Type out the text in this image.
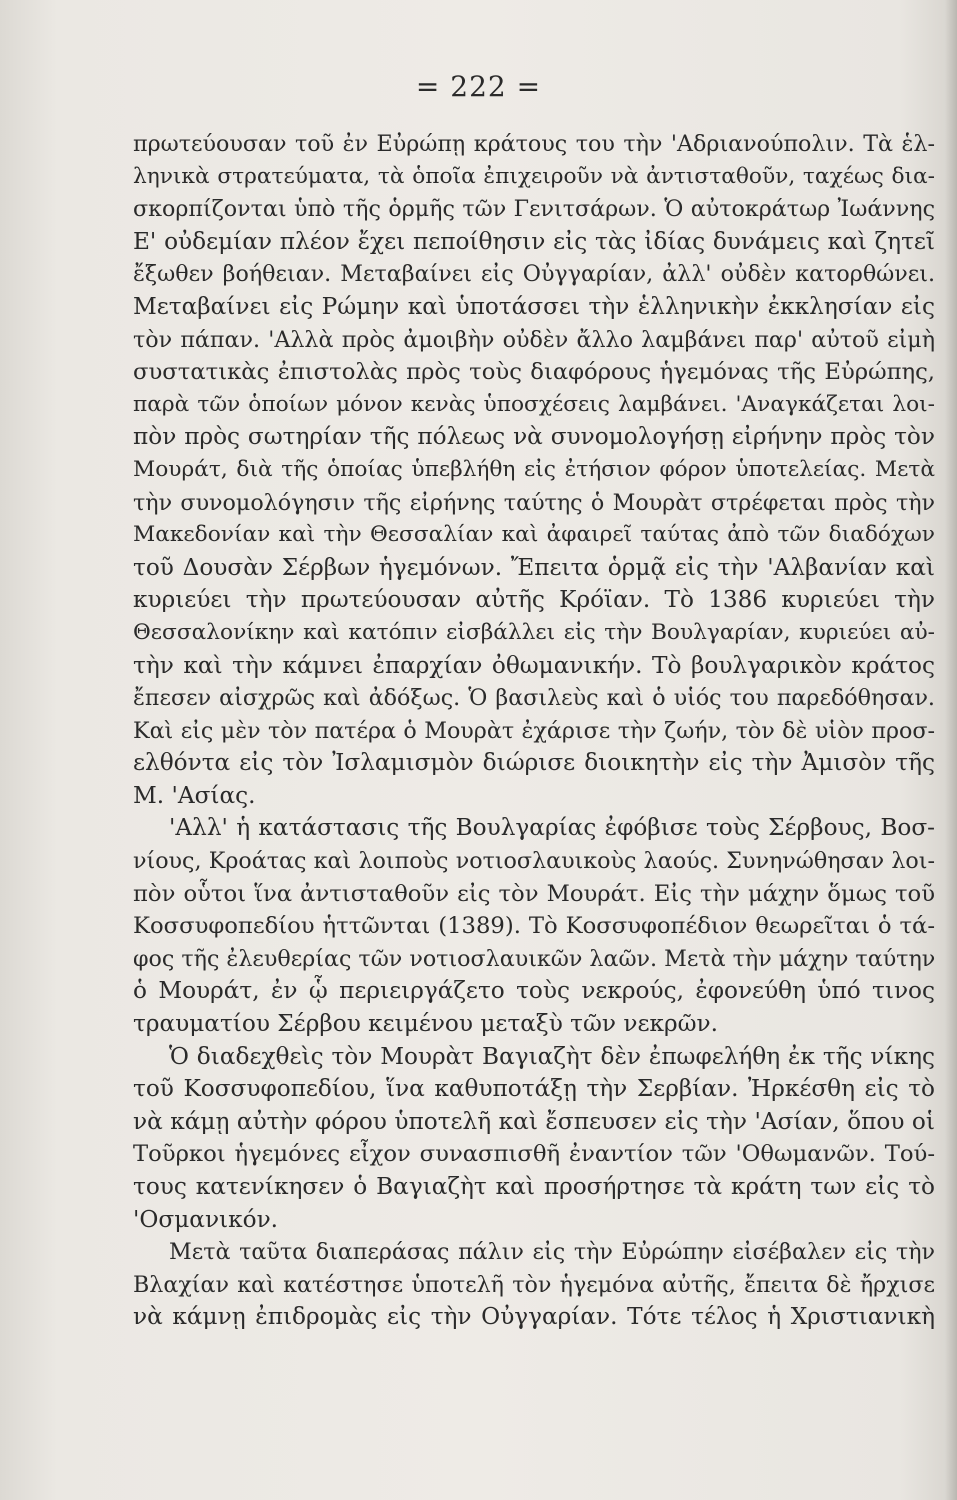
= 222 =
πρωτεύουσαν τοῦ ἐν Εὐρώπῃ κράτους του τὴν 'Αδριανούπολιν. Τὰ ἑλ-
ληνικὰ στρατεύματα, τὰ ὁποῖα ἐπιχειροῦν νὰ ἀντισταθοῦν, ταχέως δια-
σκορπίζονται ὑπὸ τῆς ὁρμῆς τῶν Γενιτσάρων. Ὁ αὐτοκράτωρ Ἰωάννης
Ε' οὐδεμίαν πλέον ἔχει πεποίθησιν εἰς τὰς ἰδίας δυνάμεις καὶ ζητεῖ
ἔξωθεν βοήθειαν. Μεταβαίνει εἰς Οὐγγαρίαν, ἀλλ' οὐδὲν κατορθώνει.
Μεταβαίνει εἰς Ρώμην καὶ ὑποτάσσει τὴν ἑλληνικὴν ἐκκλησίαν εἰς
τὸν πάπαν. 'Αλλὰ πρὸς ἀμοιβὴν οὐδὲν ἄλλο λαμβάνει παρ' αὐτοῦ εἰμὴ
συστατικὰς ἐπιστολὰς πρὸς τοὺς διαφόρους ἡγεμόνας τῆς Εὐρώπης,
παρὰ τῶν ὁποίων μόνον κενὰς ὑποσχέσεις λαμβάνει. 'Αναγκάζεται λοι-
πὸν πρὸς σωτηρίαν τῆς πόλεως νὰ συνομολογήσῃ εἰρήνην πρὸς τὸν
Μουράτ, διὰ τῆς ὁποίας ὑπεβλήθη εἰς ἐτήσιον φόρον ὑποτελείας. Μετὰ
τὴν συνομολόγησιν τῆς εἰρήνης ταύτης ὁ Μουρὰτ στρέφεται πρὸς τὴν
Μακεδονίαν καὶ τὴν Θεσσαλίαν καὶ ἀφαιρεῖ ταύτας ἀπὸ τῶν διαδόχων
τοῦ Δουσὰν Σέρβων ἡγεμόνων. Ἔπειτα ὁρμᾷ εἰς τὴν 'Αλβανίαν καὶ
κυριεύει τὴν πρωτεύουσαν αὐτῆς Κρόϊαν. Τὸ 1386 κυριεύει τὴν
Θεσσαλονίκην καὶ κατόπιν εἰσβάλλει εἰς τὴν Βουλγαρίαν, κυριεύει αὐ-
τὴν καὶ τὴν κάμνει ἐπαρχίαν ὀθωμανικήν. Τὸ βουλγαρικὸν κράτος
ἔπεσεν αἰσχρῶς καὶ ἀδόξως. Ὁ βασιλεὺς καὶ ὁ υἱός του παρεδόθησαν.
Καὶ εἰς μὲν τὸν πατέρα ὁ Μουρὰτ ἐχάρισε τὴν ζωήν, τὸν δὲ υἱὸν προσ-
ελθόντα εἰς τὸν Ἰσλαμισμὸν διώρισε διοικητὴν εἰς τὴν Ἀμισὸν τῆς
Μ. 'Ασίας.
'Αλλ' ἡ κατάστασις τῆς Βουλγαρίας ἐφόβισε τοὺς Σέρβους, Βοσ-
νίους, Κροάτας καὶ λοιποὺς νοτιοσλαυικοὺς λαούς. Συνηνώθησαν λοι-
πὸν οὗτοι ἵνα ἀντισταθοῦν εἰς τὸν Μουράτ. Εἰς τὴν μάχην ὅμως τοῦ
Κοσσυφοπεδίου ἡττῶνται (1389). Τὸ Κοσσυφοπέδιον θεωρεῖται ὁ τά-
φος τῆς ἐλευθερίας τῶν νοτιοσλαυικῶν λαῶν. Μετὰ τὴν μάχην ταύτην
ὁ Μουράτ, ἐν ᾧ περιειργάζετο τοὺς νεκρούς, ἐφονεύθη ὑπό τινος
τραυματίου Σέρβου κειμένου μεταξὺ τῶν νεκρῶν.
Ὁ διαδεχθεὶς τὸν Μουρὰτ Βαγιαζὴτ δὲν ἐπωφελήθη ἐκ τῆς νίκης
τοῦ Κοσσυφοπεδίου, ἵνα καθυποτάξῃ τὴν Σερβίαν. Ἠρκέσθη εἰς τὸ
νὰ κάμῃ αὐτὴν φόρου ὑποτελῆ καὶ ἔσπευσεν εἰς τὴν 'Ασίαν, ὅπου οἱ
Τοῦρκοι ἡγεμόνες εἶχον συνασπισθῆ ἐναντίον τῶν 'Οθωμανῶν. Τού-
τους κατενίκησεν ὁ Βαγιαζὴτ καὶ προσήρτησε τὰ κράτη των εἰς τὸ
'Οσμανικόν.
Μετὰ ταῦτα διαπεράσας πάλιν εἰς τὴν Εὐρώπην εἰσέβαλεν εἰς τὴν
Βλαχίαν καὶ κατέστησε ὑποτελῆ τὸν ἡγεμόνα αὐτῆς, ἔπειτα δὲ ἤρχισε
νὰ κάμνῃ ἐπιδρομὰς εἰς τὴν Οὐγγαρίαν. Τότε τέλος ἡ Χριστιανικὴ
